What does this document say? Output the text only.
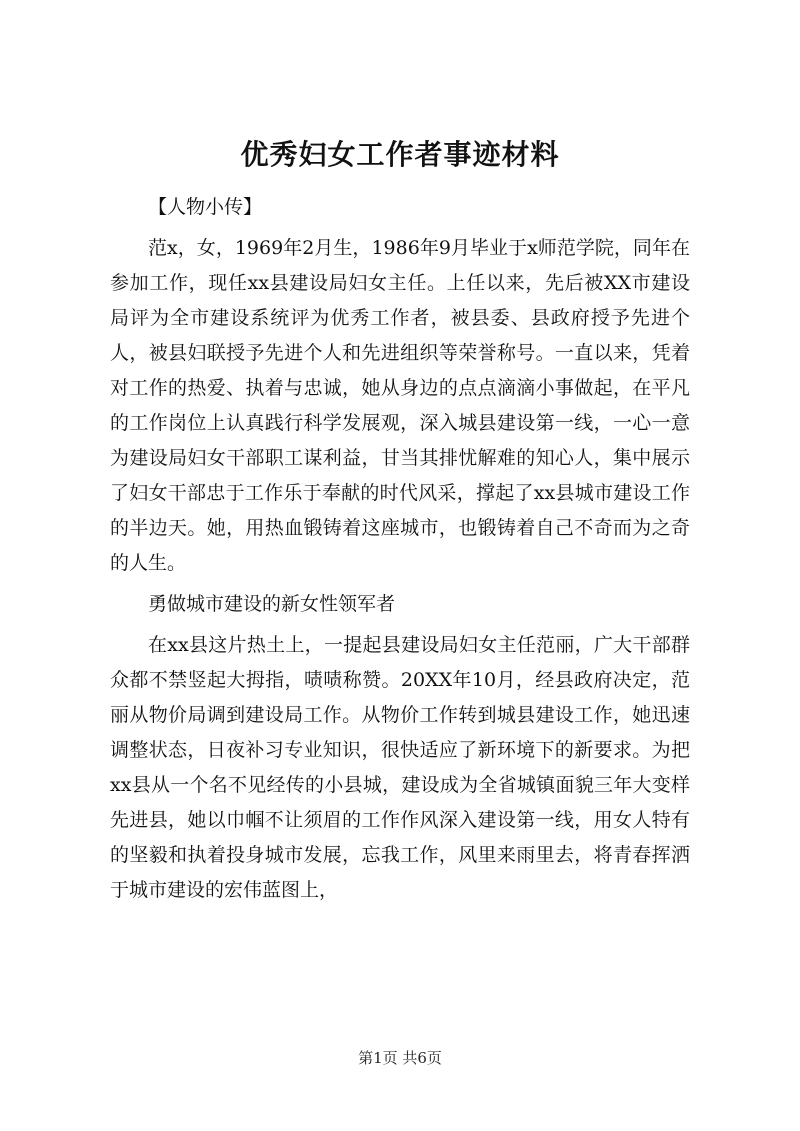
优秀妇女工作者事迹材料

【人物小传】

范x，女，1969年2月生，1986年9月毕业于x师范学院，同年在参加工作，现任xx县建设局妇女主任。上任以来，先后被XX市建设局评为全市建设系统评为优秀工作者，被县委、县政府授予先进个人，被县妇联授予先进个人和先进组织等荣誉称号。一直以来，凭着对工作的热爱、执着与忠诚，她从身边的点点滴滴小事做起，在平凡的工作岗位上认真践行科学发展观，深入城县建设第一线，一心一意为建设局妇女干部职工谋利益，甘当其排忧解难的知心人，集中展示了妇女干部忠于工作乐于奉献的时代风采，撑起了xx县城市建设工作的半边天。她，用热血锻铸着这座城市，也锻铸着自己不奇而为之奇的人生。

勇做城市建设的新女性领军者

在xx县这片热土上，一提起县建设局妇女主任范丽，广大干部群众都不禁竖起大拇指，啧啧称赞。20XX年10月，经县政府决定，范丽从物价局调到建设局工作。从物价工作转到城县建设工作，她迅速调整状态，日夜补习专业知识，很快适应了新环境下的新要求。为把xx县从一个名不见经传的小县城，建设成为全省城镇面貌三年大变样先进县，她以巾帼不让须眉的工作作风深入建设第一线，用女人特有的坚毅和执着投身城市发展，忘我工作，风里来雨里去，将青春挥洒于城市建设的宏伟蓝图上，

第1页 共6页
